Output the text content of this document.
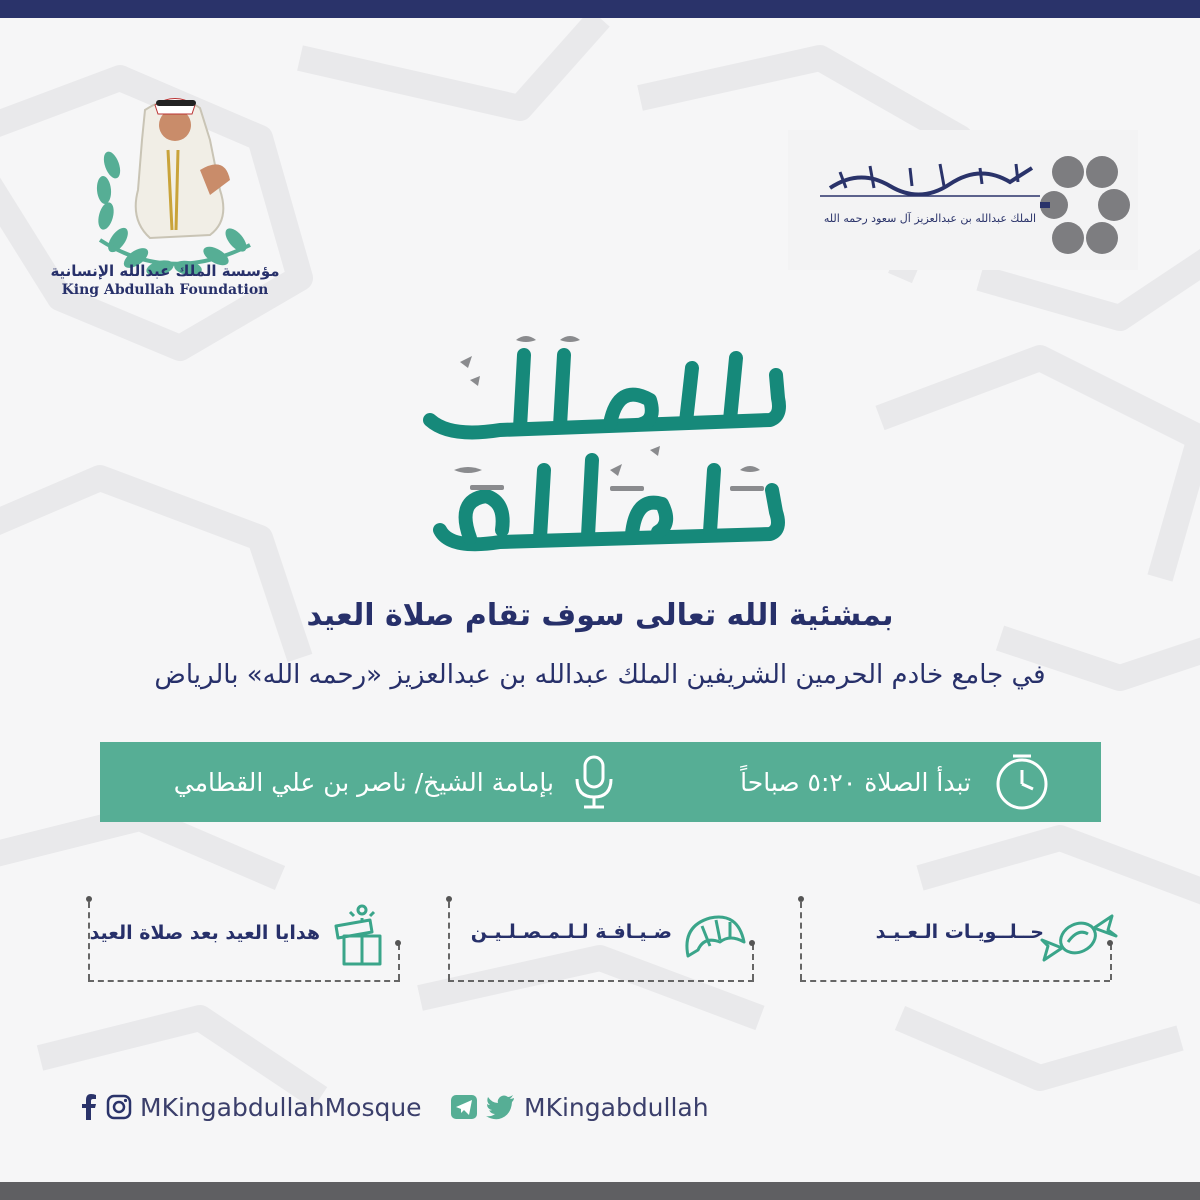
مؤسسة الملك عبدالله الإنسانية
King Abdullah Foundation
الملك عبدالله بن عبدالعزيز آل سعود رحمه الله
بمشئية الله تعالى سوف تقام صلاة العيد
في جامع خادم الحرمين الشريفين الملك عبدالله بن عبدالعزيز «رحمه الله» بالرياض
تبدأ الصلاة ٥:٢٠ صباحاً
بإمامة الشيخ/ ناصر بن علي القطامي
حــلــويـات الـعـيـد
ضـيـافـة لـلـمـصـلـيـن
هدايا العيد بعد صلاة العيد
MKingabdullahMosque	MKingabdullah
